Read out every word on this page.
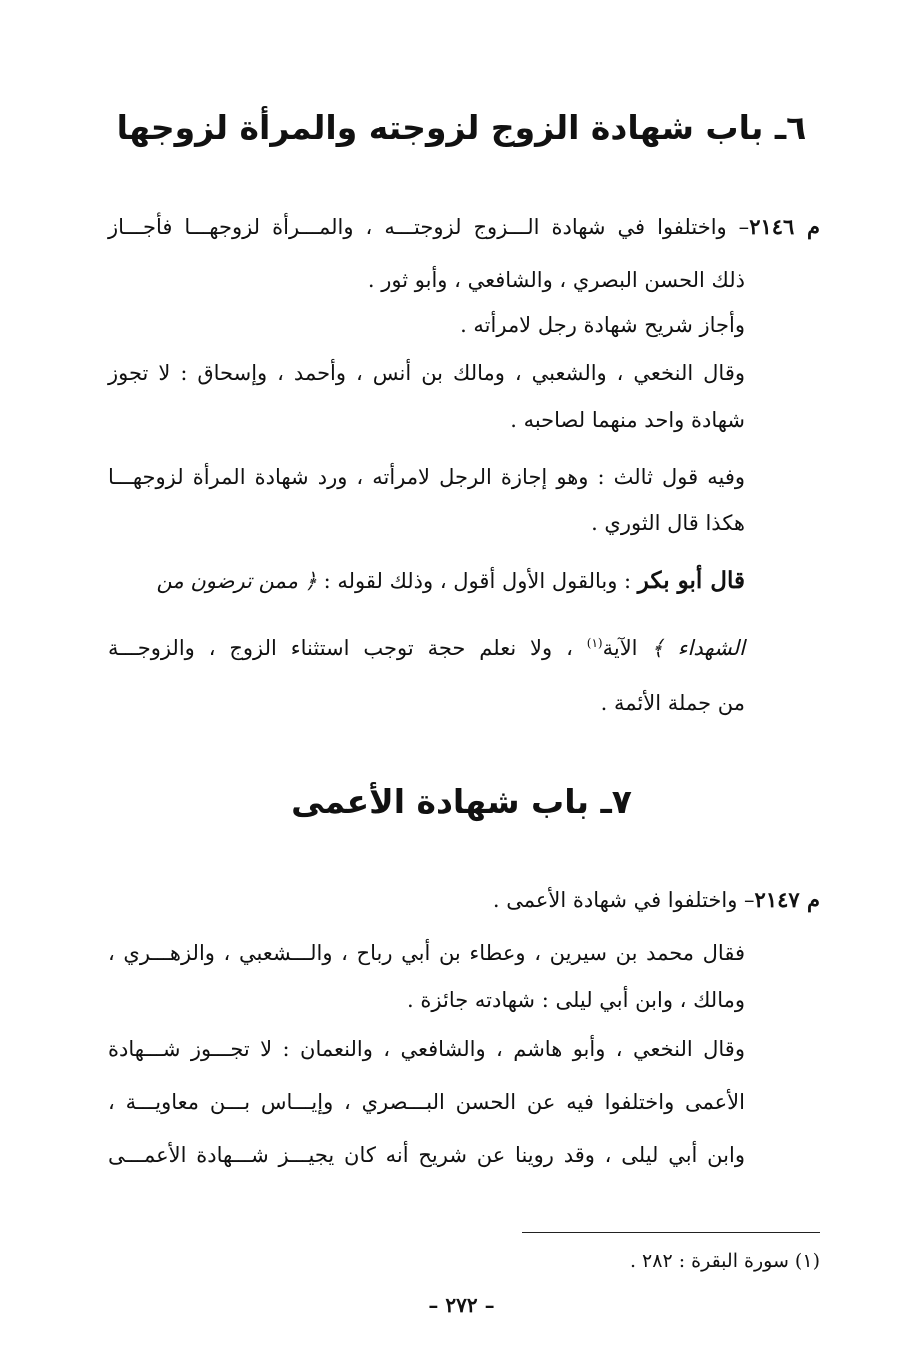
٦ـ باب شهادة الزوج لزوجته والمرأة لزوجها
م ٢١٤٦– واختلفوا في شهادة الـــزوج لزوجتـــه ، والمـــرأة لزوجهـــا فأجـــاز
ذلك الحسن البصري ، والشافعي ، وأبو ثور .
وأجاز شريح شهادة رجل لامرأته .
وقال النخعي ، والشعبي ، ومالك بن أنس ، وأحمد ، وإسحاق : لا تجوز
شهادة واحد منهما لصاحبه .
وفيه قول ثالث : وهو إجازة الرجل لامرأته ، ورد شهادة المرأة لزوجهـــا
هكذا قال الثوري .
قال أبو بكر : وبالقول الأول أقول ، وذلك لقوله : ﴿ ممن ترضون من
الشهداء ﴾ الآية$^{(١)}$ ، ولا نعلم حجة توجب استثناء الزوج ، والزوجـــة
من جملة الأئمة .
٧ـ باب شهادة الأعمى
م ٢١٤٧– واختلفوا في شهادة الأعمى .
فقال محمد بن سيرين ، وعطاء بن أبي رباح ، والـــشعبي ، والزهـــري ،
ومالك ، وابن أبي ليلى : شهادته جائزة .
وقال النخعي ، وأبو هاشم ، والشافعي ، والنعمان : لا تجـــوز شـــهادة
الأعمى واختلفوا فيه عن الحسن البـــصري ، وإيـــاس بـــن معاويـــة ،
وابن أبي ليلى ، وقد روينا عن شريح أنه كان يجيـــز شـــهادة الأعمـــى
(١) سورة البقرة : ٢٨٢ .
– ٢٧٢ –
